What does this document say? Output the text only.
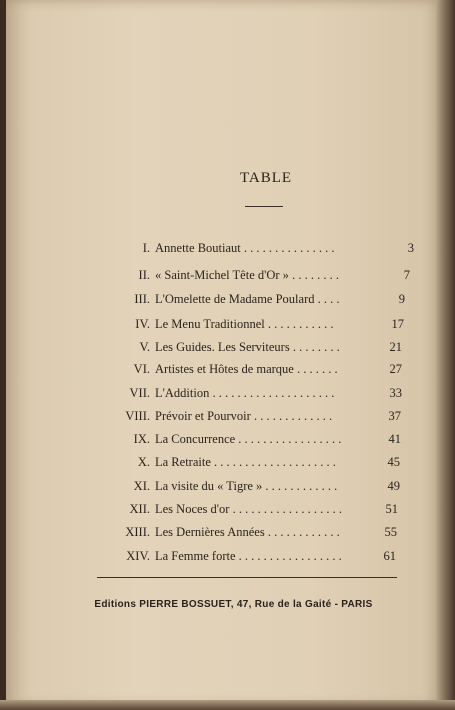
TABLE
I. Annette Boutiaut . . . . . . . . . . . . . . .	3
II. « Saint-Michel Tête d'Or » . . . . . . . .	7
III. L'Omelette de Madame Poulard . . . .	9
IV. Le Menu Traditionnel . . . . . . . . . . .	17
V. Les Guides. Les Serviteurs . . . . . . . .	21
VI. Artistes et Hôtes de marque . . . . . . .	27
VII. L'Addition . . . . . . . . . . . . . . . . . . . .	33
VIII. Prévoir et Pourvoir . . . . . . . . . . . . .	37
IX. La Concurrence . . . . . . . . . . . . . . . . .	41
X. La Retraite . . . . . . . . . . . . . . . . . . . .	45
XI. La visite du « Tigre » . . . . . . . . . . . .	49
XII. Les Noces d'or . . . . . . . . . . . . . . . . . .	51
XIII. Les Dernières Années . . . . . . . . . . . .	55
XIV. La Femme forte . . . . . . . . . . . . . . . . .	61
Editions PIERRE BOSSUET, 47, Rue de la Gaité - PARIS
